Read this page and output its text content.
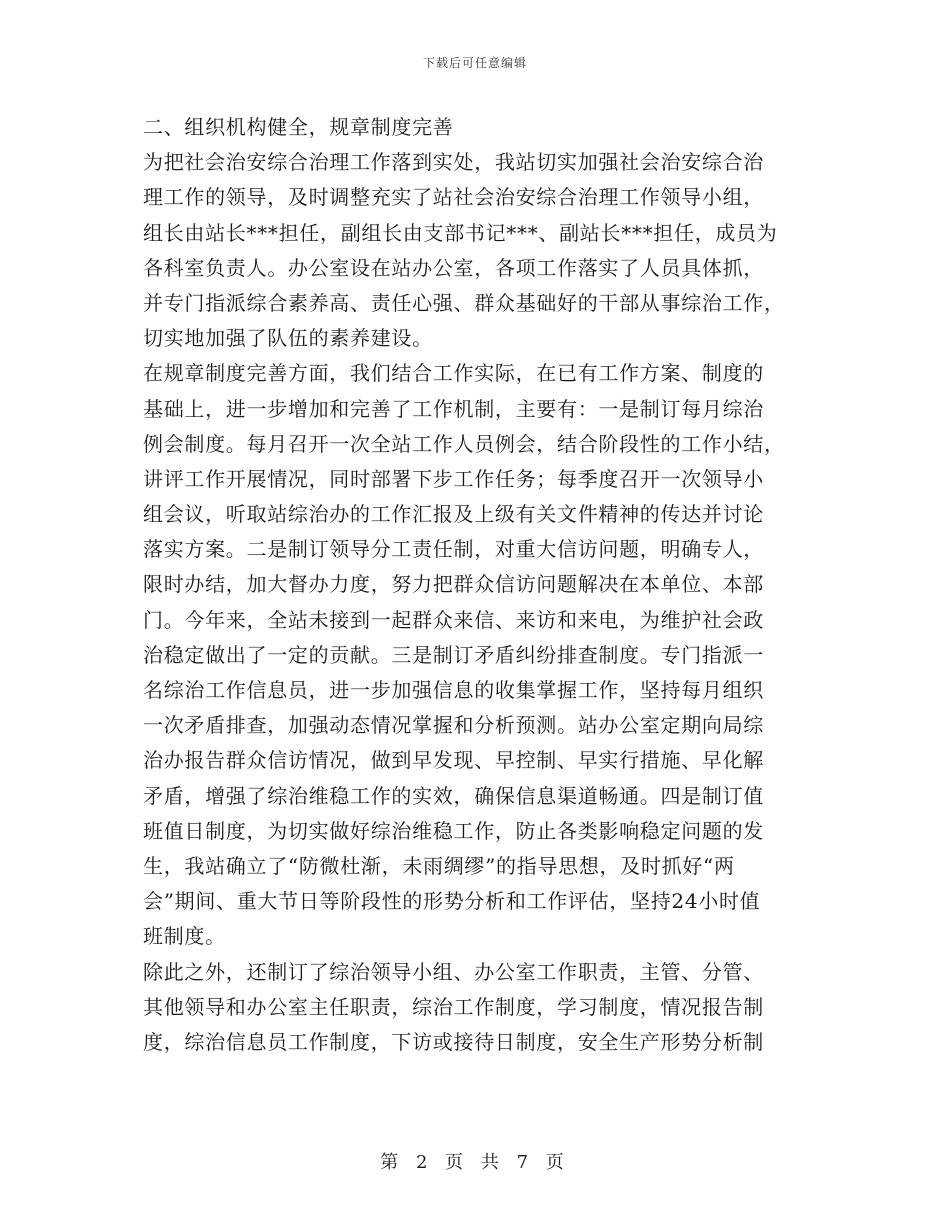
下载后可任意编辑
二、组织机构健全，规章制度完善
为把社会治安综合治理工作落到实处，我站切实加强社会治安综合治
理工作的领导，及时调整充实了站社会治安综合治理工作领导小组，
组长由站长***担任，副组长由支部书记***、副站长***担任，成员为
各科室负责人。办公室设在站办公室，各项工作落实了人员具体抓，
并专门指派综合素养高、责任心强、群众基础好的干部从事综治工作，
切实地加强了队伍的素养建设。
在规章制度完善方面，我们结合工作实际，在已有工作方案、制度的
基础上，进一步增加和完善了工作机制，主要有：一是制订每月综治
例会制度。每月召开一次全站工作人员例会，结合阶段性的工作小结，
讲评工作开展情况，同时部署下步工作任务；每季度召开一次领导小
组会议，听取站综治办的工作汇报及上级有关文件精神的传达并讨论
落实方案。二是制订领导分工责任制，对重大信访问题，明确专人，
限时办结，加大督办力度，努力把群众信访问题解决在本单位、本部
门。今年来，全站未接到一起群众来信、来访和来电，为维护社会政
治稳定做出了一定的贡献。三是制订矛盾纠纷排查制度。专门指派一
名综治工作信息员，进一步加强信息的收集掌握工作，坚持每月组织
一次矛盾排查，加强动态情况掌握和分析预测。站办公室定期向局综
治办报告群众信访情况，做到早发现、早控制、早实行措施、早化解
矛盾，增强了综治维稳工作的实效，确保信息渠道畅通。四是制订值
班值日制度，为切实做好综治维稳工作，防止各类影响稳定问题的发
生，我站确立了“防微杜渐，未雨绸缪”的指导思想，及时抓好“两
会”期间、重大节日等阶段性的形势分析和工作评估，坚持24小时值
班制度。
除此之外，还制订了综治领导小组、办公室工作职责，主管、分管、
其他领导和办公室主任职责，综治工作制度，学习制度，情况报告制
度，综治信息员工作制度，下访或接待日制度，安全生产形势分析制
第 2 页 共 7 页
